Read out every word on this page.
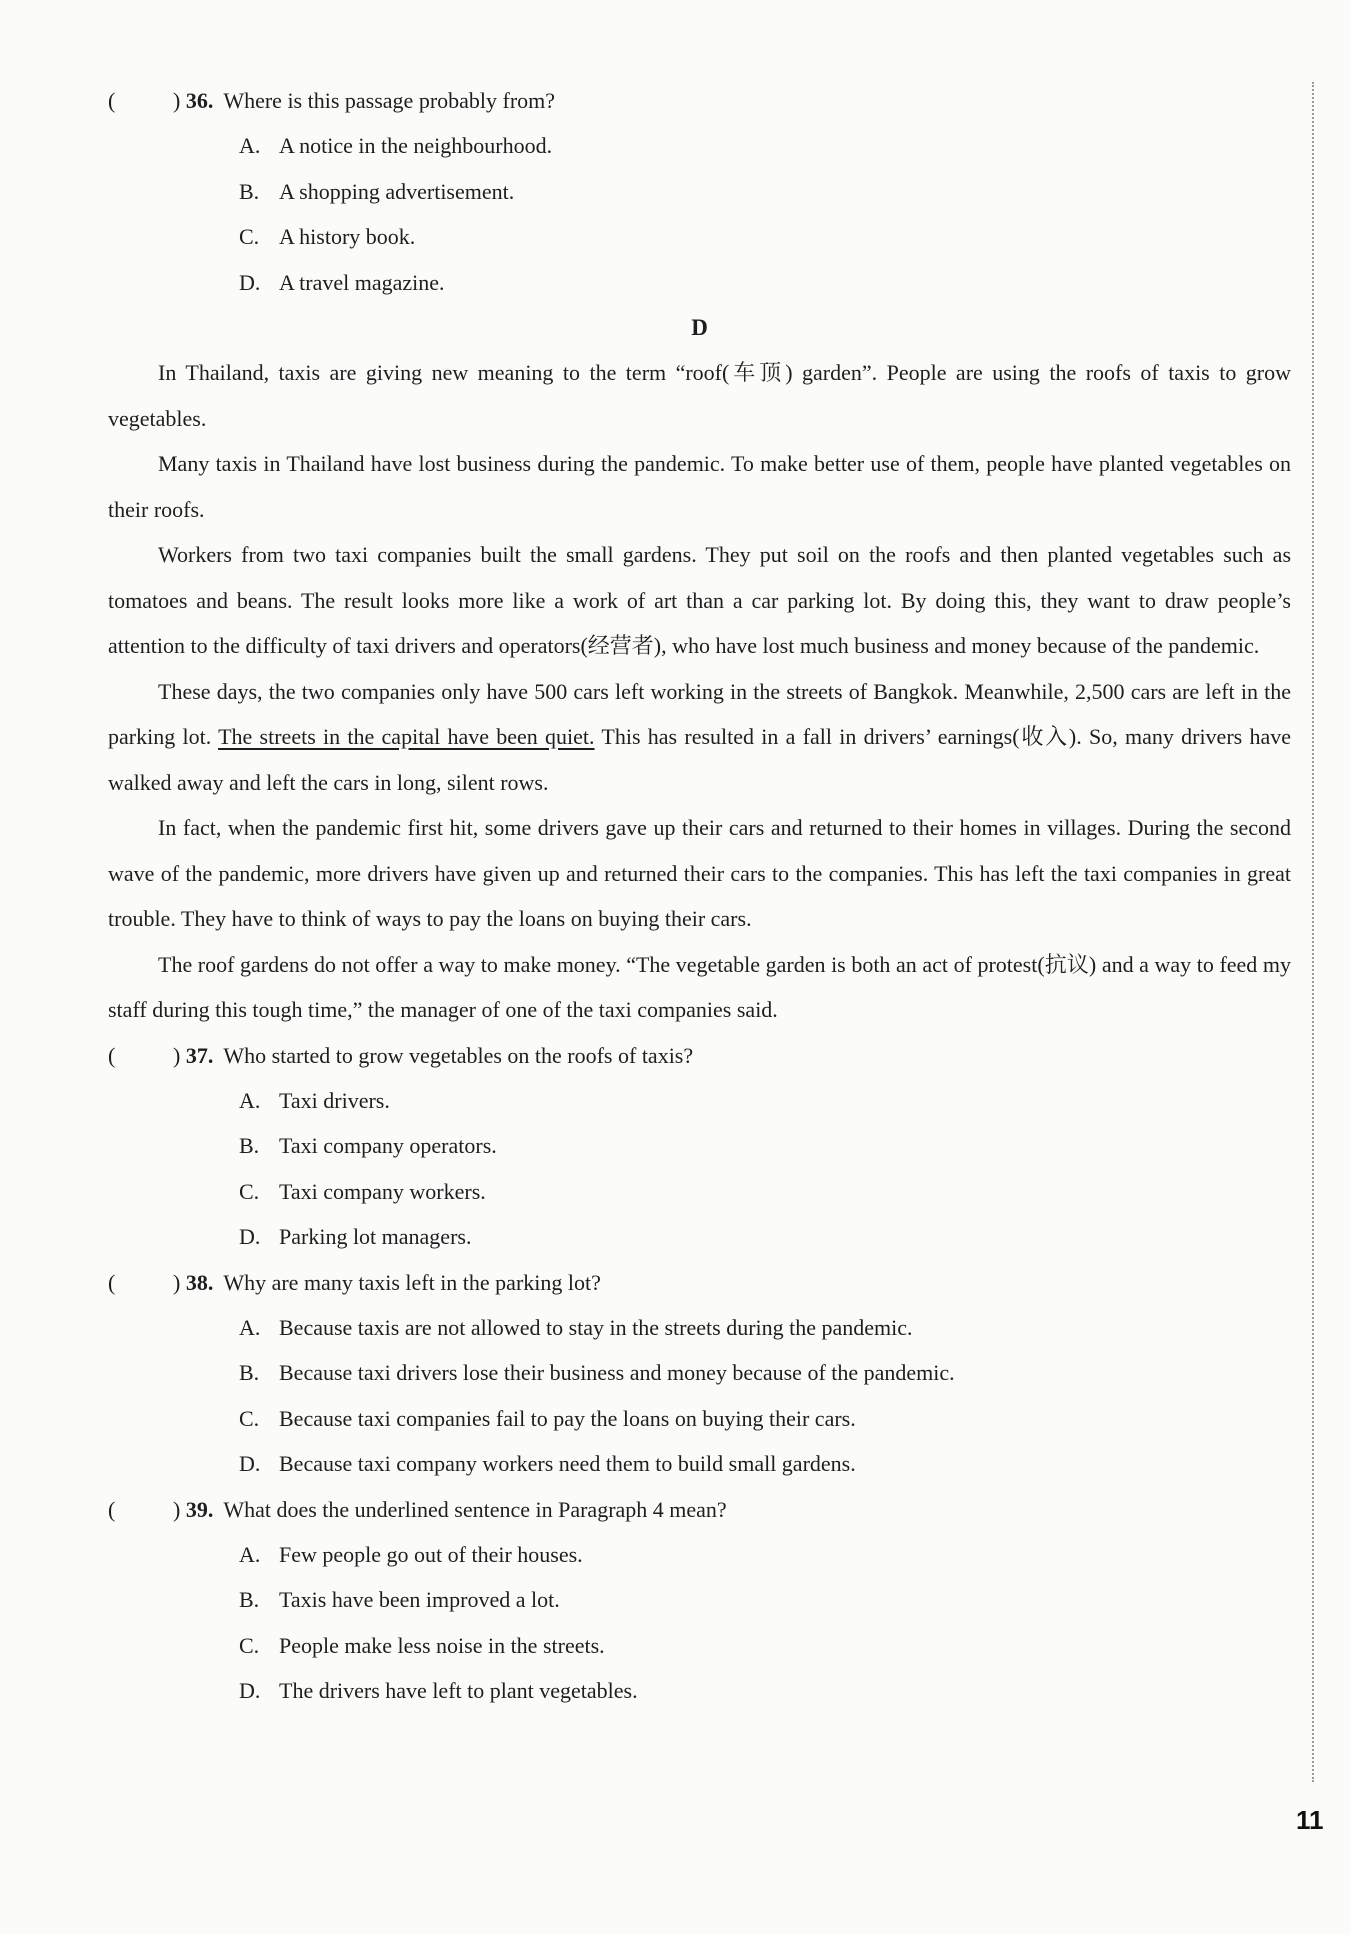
(	) 36. Where is this passage probably from?
A. A notice in the neighbourhood.
B. A shopping advertisement.
C. A history book.
D. A travel magazine.
D

In Thailand, taxis are giving new meaning to the term “roof(车顶) garden”. People are using the roofs of taxis to grow vegetables.

Many taxis in Thailand have lost business during the pandemic. To make better use of them, people have planted vegetables on their roofs.

Workers from two taxi companies built the small gardens. They put soil on the roofs and then planted vegetables such as tomatoes and beans. The result looks more like a work of art than a car parking lot. By doing this, they want to draw people’s attention to the difficulty of taxi drivers and operators(经营者), who have lost much business and money because of the pandemic.

These days, the two companies only have 500 cars left working in the streets of Bangkok. Meanwhile, 2,500 cars are left in the parking lot. The streets in the capital have been quiet. This has resulted in a fall in drivers’ earnings(收入). So, many drivers have walked away and left the cars in long, silent rows.

In fact, when the pandemic first hit, some drivers gave up their cars and returned to their homes in villages. During the second wave of the pandemic, more drivers have given up and returned their cars to the companies. This has left the taxi companies in great trouble. They have to think of ways to pay the loans on buying their cars.

The roof gardens do not offer a way to make money. “The vegetable garden is both an act of protest(抗议) and a way to feed my staff during this tough time,” the manager of one of the taxi companies said.

(	) 37. Who started to grow vegetables on the roofs of taxis?
A. Taxi drivers.
B. Taxi company operators.
C. Taxi company workers.
D. Parking lot managers.
(	) 38. Why are many taxis left in the parking lot?
A. Because taxis are not allowed to stay in the streets during the pandemic.
B. Because taxi drivers lose their business and money because of the pandemic.
C. Because taxi companies fail to pay the loans on buying their cars.
D. Because taxi company workers need them to build small gardens.
(	) 39. What does the underlined sentence in Paragraph 4 mean?
A. Few people go out of their houses.
B. Taxis have been improved a lot.
C. People make less noise in the streets.
D. The drivers have left to plant vegetables.
11
